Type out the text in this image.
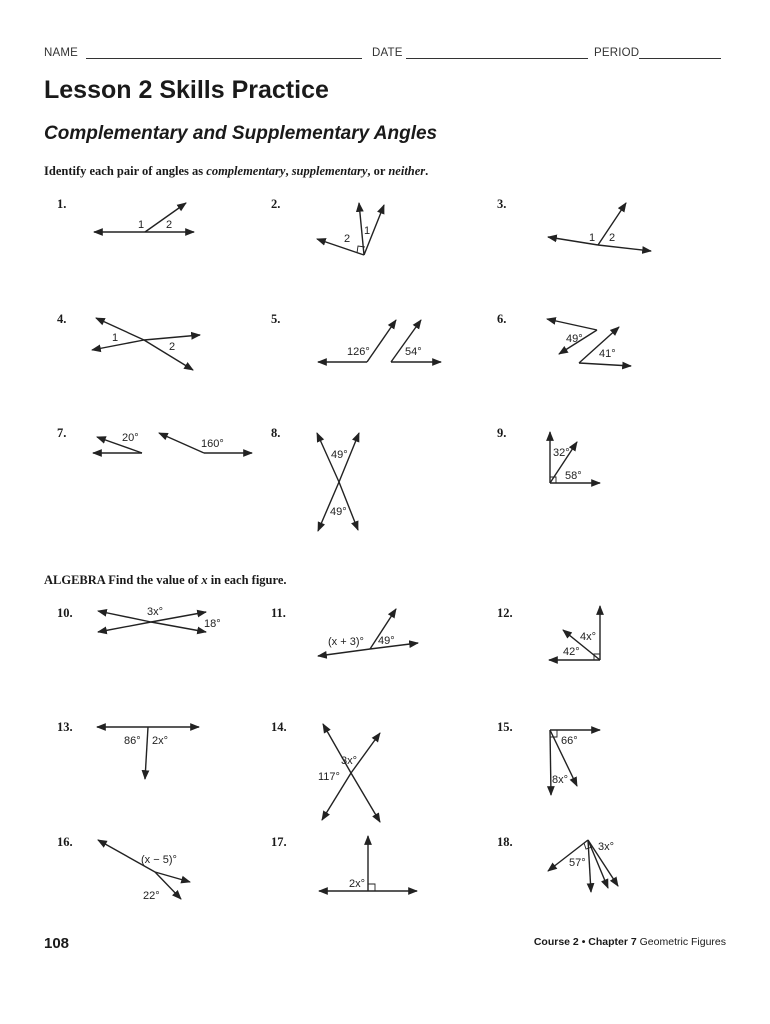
NAME	DATE	PERIOD
Lesson 2 Skills Practice
Complementary and Supplementary Angles
Identify each pair of angles as complementary, supplementary, or neither.
1.	2.	3.
4.	5.	6.
7.	8.	9.
1 2
2
1
1 2
1
2	126°	54°
49°
41°
20°	160°
49°
49°
32°
58°
ALGEBRA Find the value of x in each figure.
10.	11.	12.
13.	14.	15.
16.	17.	18.
3x°
18°
(x + 3)° 49°	4x°
42°
86° 2x°
3x°
117°
66°
8x°
(x − 5)°
22°
2x°
3x°
57°
108	Course 2 • Chapter 7 Geometric Figures
